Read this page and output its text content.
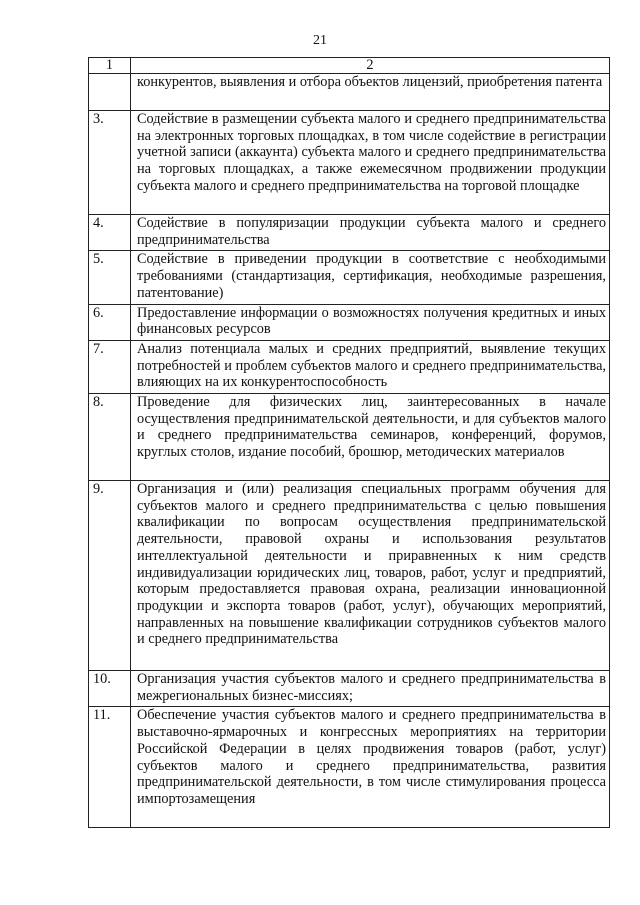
21
1	2
	конкурентов, выявления и отбора объектов лицензий, приобретения патента
3.	Содействие в размещении субъекта малого и среднего предпринимательства на электронных торговых площадках, в том числе содействие в регистрации учетной записи (аккаунта) субъекта малого и среднего предпринимательства на торговых площадках, а также ежемесячном продвижении продукции субъекта малого и среднего предпринимательства на торговой площадке
4.	Содействие в популяризации продукции субъекта малого и среднего предпринимательства
5.	Содействие в приведении продукции в соответствие с необходимыми требованиями (стандартизация, сертификация, необходимые разрешения, патентование)
6.	Предоставление информации о возможностях получения кредитных и иных финансовых ресурсов
7.	Анализ потенциала малых и средних предприятий, выявление текущих потребностей и проблем субъектов малого и среднего предпринимательства, влияющих на их конкурентоспособность
8.	Проведение для физических лиц, заинтересованных в начале осуществления предпринимательской деятельности, и для субъектов малого и среднего предпринимательства семинаров, конференций, форумов, круглых столов, издание пособий, брошюр, методических материалов
9.	Организация и (или) реализация специальных программ обучения для субъектов малого и среднего предпринимательства с целью повышения квалификации по вопросам осуществления предпринимательской деятельности, правовой охраны и использования результатов интеллектуальной деятельности и приравненных к ним средств индивидуализации юридических лиц, товаров, работ, услуг и предприятий, которым предоставляется правовая охрана, реализации инновационной продукции и экспорта товаров (работ, услуг), обучающих мероприятий, направленных на повышение квалификации сотрудников субъектов малого и среднего предпринимательства
10.	Организация участия субъектов малого и среднего предпринимательства в межрегиональных бизнес-миссиях;
11.	Обеспечение участия субъектов малого и среднего предпринимательства в выставочно-ярмарочных и конгрессных мероприятиях на территории Российской Федерации в целях продвижения товаров (работ, услуг) субъектов малого и среднего предпринимательства, развития предпринимательской деятельности, в том числе стимулирования процесса импортозамещения
